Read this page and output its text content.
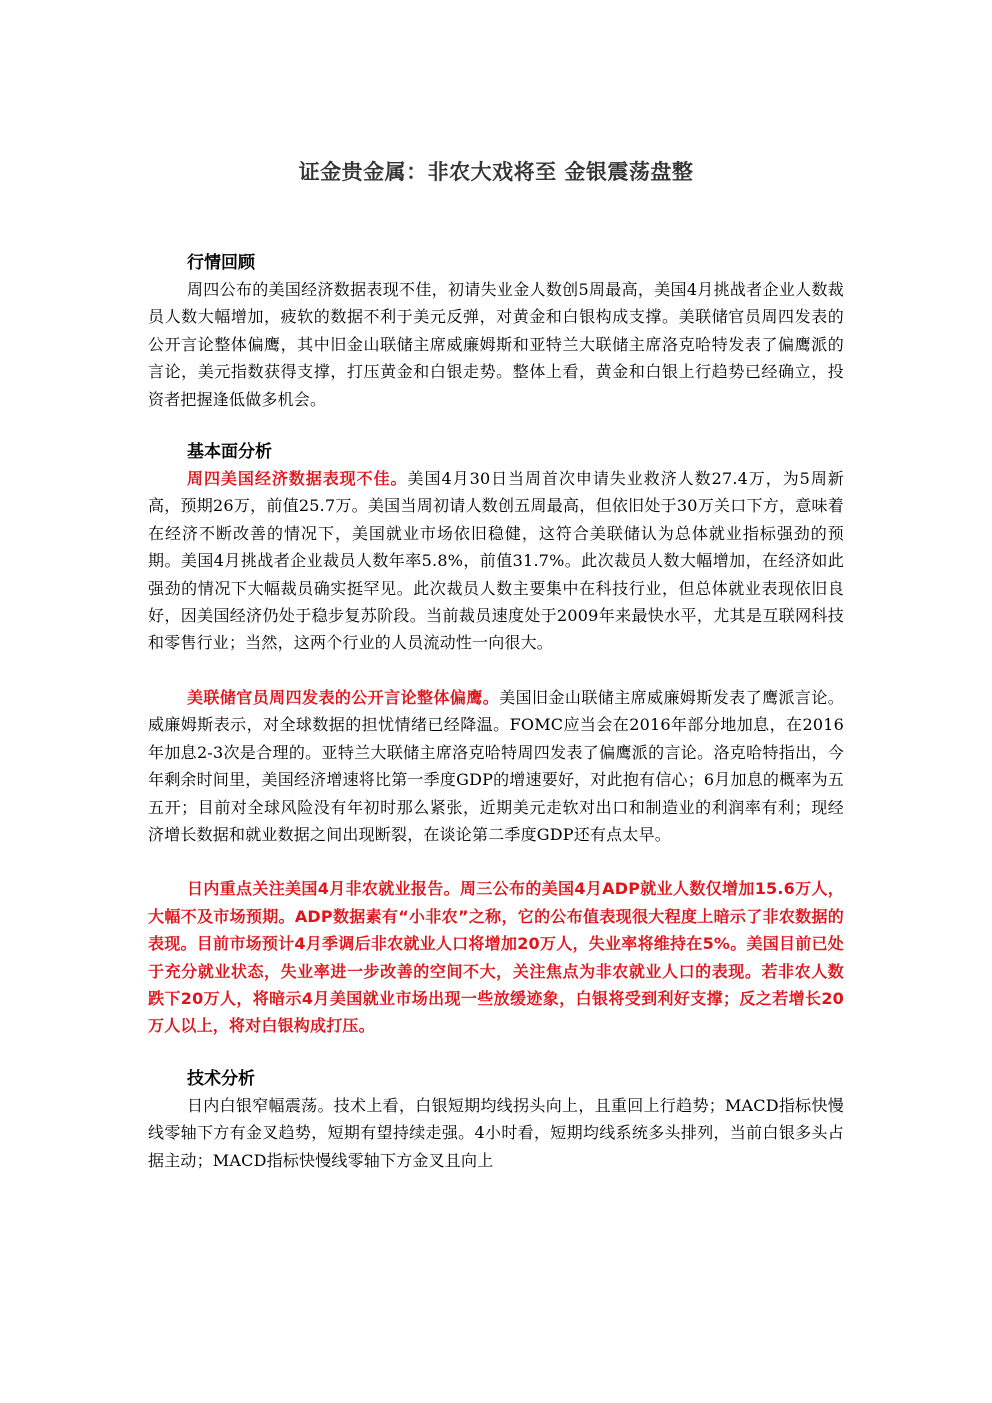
证金贵金属：非农大戏将至 金银震荡盘整

行情回顾

周四公布的美国经济数据表现不佳，初请失业金人数创5周最高，美国4月挑战者企业人数裁员人数大幅增加，疲软的数据不利于美元反弹，对黄金和白银构成支撑。美联储官员周四发表的公开言论整体偏鹰，其中旧金山联储主席威廉姆斯和亚特兰大联储主席洛克哈特发表了偏鹰派的言论，美元指数获得支撑，打压黄金和白银走势。整体上看，黄金和白银上行趋势已经确立，投资者把握逢低做多机会。

基本面分析

周四美国经济数据表现不佳。美国4月30日当周首次申请失业救济人数27.4万，为5周新高，预期26万，前值25.7万。美国当周初请人数创五周最高，但依旧处于30万关口下方，意味着在经济不断改善的情况下，美国就业市场依旧稳健，这符合美联储认为总体就业指标强劲的预期。美国4月挑战者企业裁员人数年率5.8%，前值31.7%。此次裁员人数大幅增加，在经济如此强劲的情况下大幅裁员确实挺罕见。此次裁员人数主要集中在科技行业，但总体就业表现依旧良好，因美国经济仍处于稳步复苏阶段。当前裁员速度处于2009年来最快水平，尤其是互联网科技和零售行业；当然，这两个行业的人员流动性一向很大。

美联储官员周四发表的公开言论整体偏鹰。美国旧金山联储主席威廉姆斯发表了鹰派言论。威廉姆斯表示，对全球数据的担忧情绪已经降温。FOMC应当会在2016年部分地加息，在2016年加息2-3次是合理的。亚特兰大联储主席洛克哈特周四发表了偏鹰派的言论。洛克哈特指出，今年剩余时间里，美国经济增速将比第一季度GDP的增速要好，对此抱有信心；6月加息的概率为五五开；目前对全球风险没有年初时那么紧张，近期美元走软对出口和制造业的利润率有利；现经济增长数据和就业数据之间出现断裂，在谈论第二季度GDP还有点太早。

日内重点关注美国4月非农就业报告。周三公布的美国4月ADP就业人数仅增加15.6万人，大幅不及市场预期。ADP数据素有“小非农”之称，它的公布值表现很大程度上暗示了非农数据的表现。目前市场预计4月季调后非农就业人口将增加20万人，失业率将维持在5%。美国目前已处于充分就业状态，失业率进一步改善的空间不大，关注焦点为非农就业人口的表现。若非农人数跌下20万人，将暗示4月美国就业市场出现一些放缓迹象，白银将受到利好支撑；反之若增长20万人以上，将对白银构成打压。

技术分析

日内白银窄幅震荡。技术上看，白银短期均线拐头向上，且重回上行趋势；MACD指标快慢线零轴下方有金叉趋势，短期有望持续走强。4小时看，短期均线系统多头排列，当前白银多头占据主动；MACD指标快慢线零轴下方金叉且向上
